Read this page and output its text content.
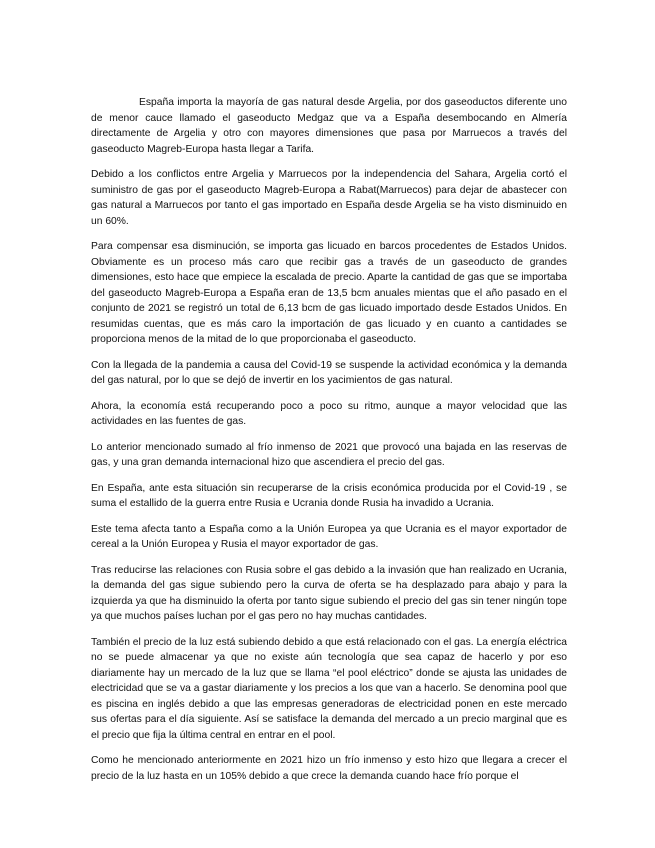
España importa la mayoría de gas natural desde Argelia, por dos gaseoductos diferente uno de menor cauce llamado el gaseoducto Medgaz que va a España desembocando en Almería directamente de Argelia y otro con mayores dimensiones que pasa por Marruecos a través del gaseoducto Magreb-Europa hasta llegar a Tarifa.

Debido a los conflictos entre Argelia y Marruecos por la independencia del Sahara, Argelia cortó el suministro de gas por el gaseoducto Magreb-Europa a Rabat(Marruecos) para dejar de abastecer con gas natural a Marruecos por tanto el gas importado en España desde Argelia se ha visto disminuido en un 60%.

Para compensar esa disminución, se importa gas licuado en barcos procedentes de Estados Unidos. Obviamente es un proceso más caro que recibir gas a través de un gaseoducto de grandes dimensiones, esto hace que empiece la escalada de precio. Aparte la cantidad de gas que se importaba del gaseoducto Magreb-Europa a España eran de 13,5 bcm anuales mientas que el año pasado en el conjunto de 2021 se registró un total de 6,13 bcm de gas licuado importado desde Estados Unidos. En resumidas cuentas, que es más caro la importación de gas licuado y en cuanto a cantidades se proporciona menos de la mitad de lo que proporcionaba el gaseoducto.

Con la llegada de la pandemia a causa del Covid-19 se suspende la actividad económica y la demanda del gas natural, por lo que se dejó de invertir en los yacimientos de gas natural.

Ahora, la economía está recuperando poco a poco su ritmo, aunque a mayor velocidad que las actividades en las fuentes de gas.

Lo anterior mencionado sumado al frío inmenso de 2021 que provocó una bajada en las reservas de gas, y una gran demanda internacional hizo que ascendiera el precio del gas.

En España, ante esta situación sin recuperarse de la crisis económica producida por el Covid-19 , se suma el estallido de la guerra entre Rusia e Ucrania donde Rusia ha invadido a Ucrania.

Este tema afecta tanto a España como a la Unión Europea ya que Ucrania es el mayor exportador de cereal a la Unión Europea y Rusia el mayor exportador de gas.

Tras reducirse las relaciones con Rusia sobre el gas debido a la invasión que han realizado en Ucrania, la demanda del gas sigue subiendo pero la curva de oferta se ha desplazado para abajo y para la izquierda ya que ha disminuido la oferta por tanto sigue subiendo el precio del gas sin tener ningún tope ya que muchos países luchan por el gas pero no hay muchas cantidades.

También el precio de la luz está subiendo debido a que está relacionado con el gas. La energía eléctrica no se puede almacenar ya que no existe aún tecnología que sea capaz de hacerlo y por eso diariamente hay un mercado de la luz que se llama “el pool eléctrico” donde se ajusta las unidades de electricidad que se va a gastar diariamente y los precios a los que van a hacerlo. Se denomina pool que es piscina en inglés debido a que las empresas generadoras de electricidad ponen en este mercado sus ofertas para el día siguiente. Así se satisface la demanda del mercado a un precio marginal que es el precio que fija la última central en entrar en el pool.

Como he mencionado anteriormente en 2021 hizo un frío inmenso y esto hizo que llegara a crecer el precio de la luz hasta en un 105% debido a que crece la demanda cuando hace frío porque el
